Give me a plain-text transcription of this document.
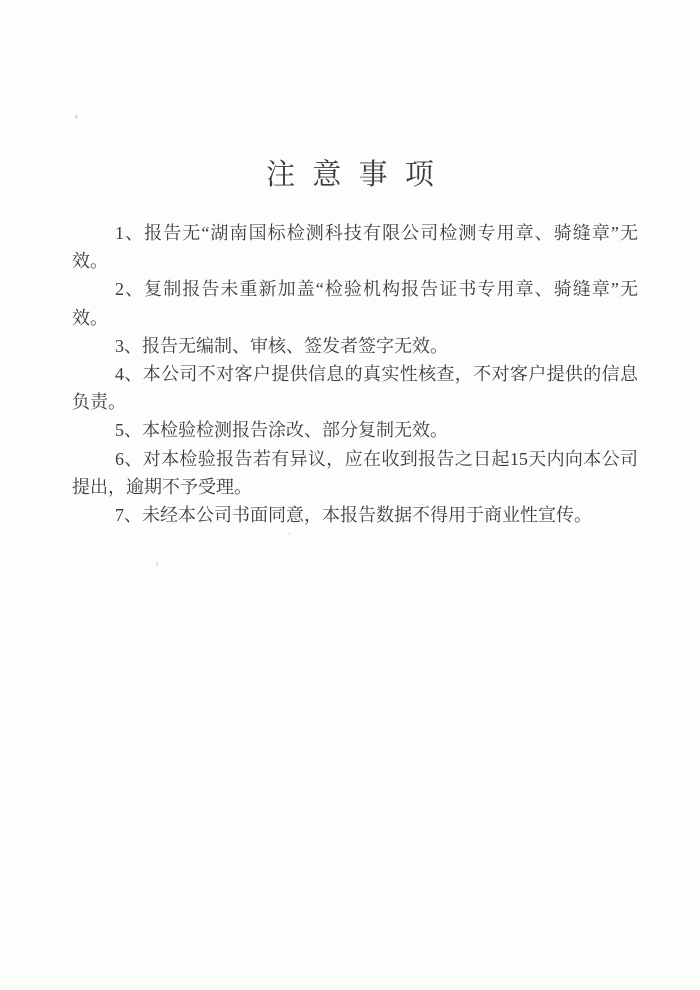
注 意 事 项
1、报告无“湖南国标检测科技有限公司检测专用章、骑缝章”无
效。
2、复制报告未重新加盖“检验机构报告证书专用章、骑缝章”无
效。
3、报告无编制、审核、签发者签字无效。
4、本公司不对客户提供信息的真实性核查，不对客户提供的信息
负责。
5、本检验检测报告涂改、部分复制无效。
6、对本检验报告若有异议，应在收到报告之日起15天内向本公司
提出，逾期不予受理。
7、未经本公司书面同意，本报告数据不得用于商业性宣传。
